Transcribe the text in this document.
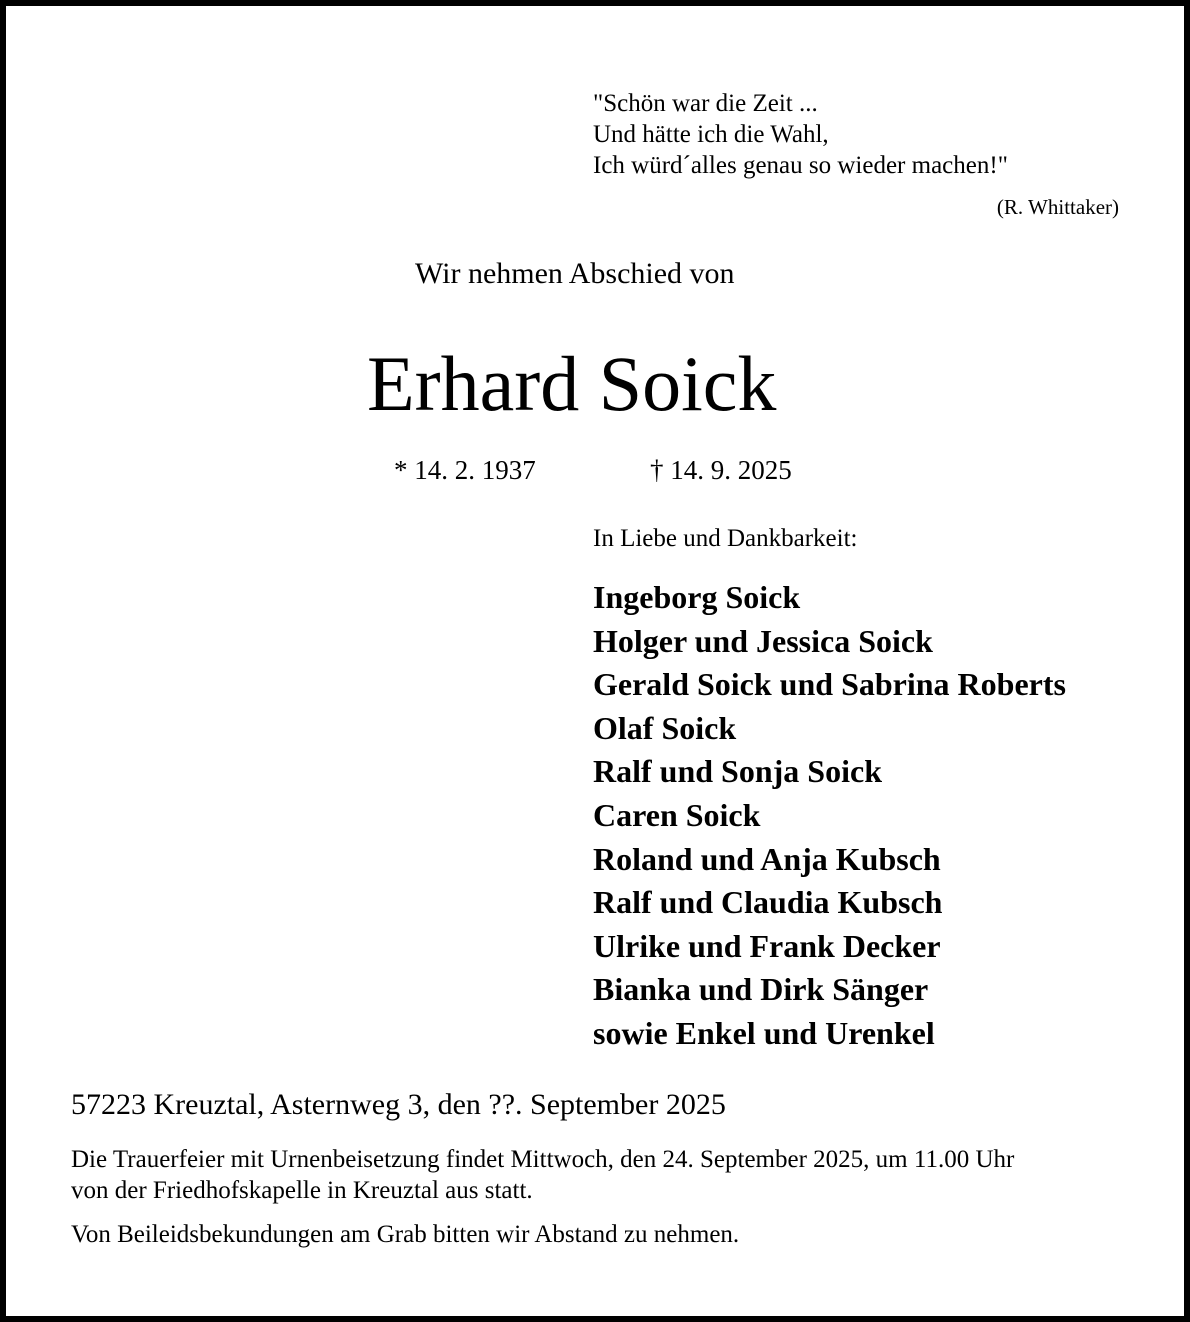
"Schön war die Zeit ...
Und hätte ich die Wahl,
Ich würd´alles genau so wieder machen!"
(R. Whittaker)
Wir nehmen Abschied von
Erhard Soick
* 14. 2. 1937	† 14. 9. 2025
In Liebe und Dankbarkeit:
Ingeborg Soick
Holger und Jessica Soick
Gerald Soick und Sabrina Roberts
Olaf Soick
Ralf und Sonja Soick
Caren Soick
Roland und Anja Kubsch
Ralf und Claudia Kubsch
Ulrike und Frank Decker
Bianka und Dirk Sänger
sowie Enkel und Urenkel
57223 Kreuztal, Asternweg 3, den ??. September 2025
Die Trauerfeier mit Urnenbeisetzung findet Mittwoch, den 24. September 2025, um 11.00 Uhr
von der Friedhofskapelle in Kreuztal aus statt.
Von Beileidsbekundungen am Grab bitten wir Abstand zu nehmen.
